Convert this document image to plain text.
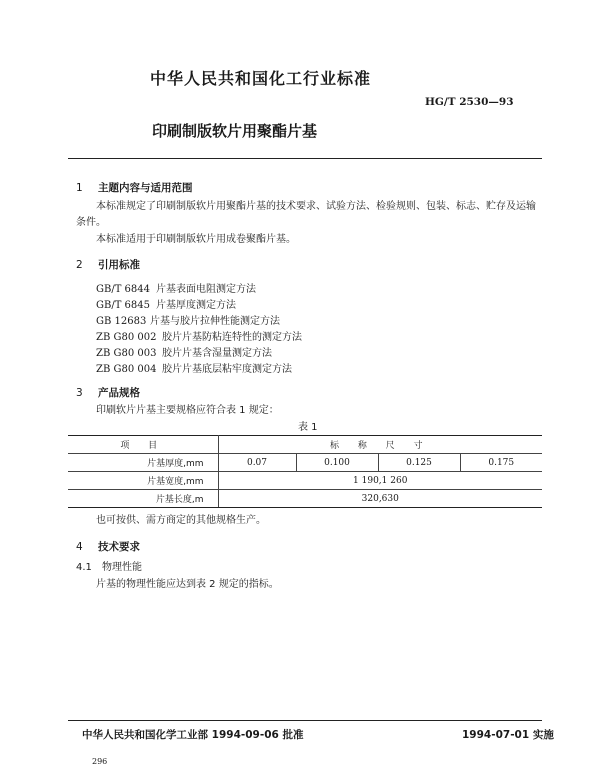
中华人民共和国化工行业标准
HG/T 2530—93
印刷制版软片用聚酯片基
1 主题内容与适用范围
本标准规定了印刷制版软片用聚酯片基的技术要求、试验方法、检验规则、包装、标志、贮存及运输条件。
本标准适用于印刷制版软片用成卷聚酯片基。
2 引用标准
GB/T 6844 片基表面电阻测定方法
GB/T 6845 片基厚度测定方法
GB 12683 片基与胶片拉伸性能测定方法
ZB G80 002 胶片片基防粘连特性的测定方法
ZB G80 003 胶片片基含湿量测定方法
ZB G80 004 胶片片基底层粘牢度测定方法
3 产品规格
印刷软片片基主要规格应符合表 1 规定：
表 1
项 目	标 称 尺 寸			
片基厚度,mm	0.07	0.100	0.125	0.175
片基宽度,mm	1 190,1 260			
片基长度,m	320,630			
也可按供、需方商定的其他规格生产。
4 技术要求
4.1 物理性能
片基的物理性能应达到表 2 规定的指标。
中华人民共和国化学工业部 1994-09-06 批准	1994-07-01 实施
296
